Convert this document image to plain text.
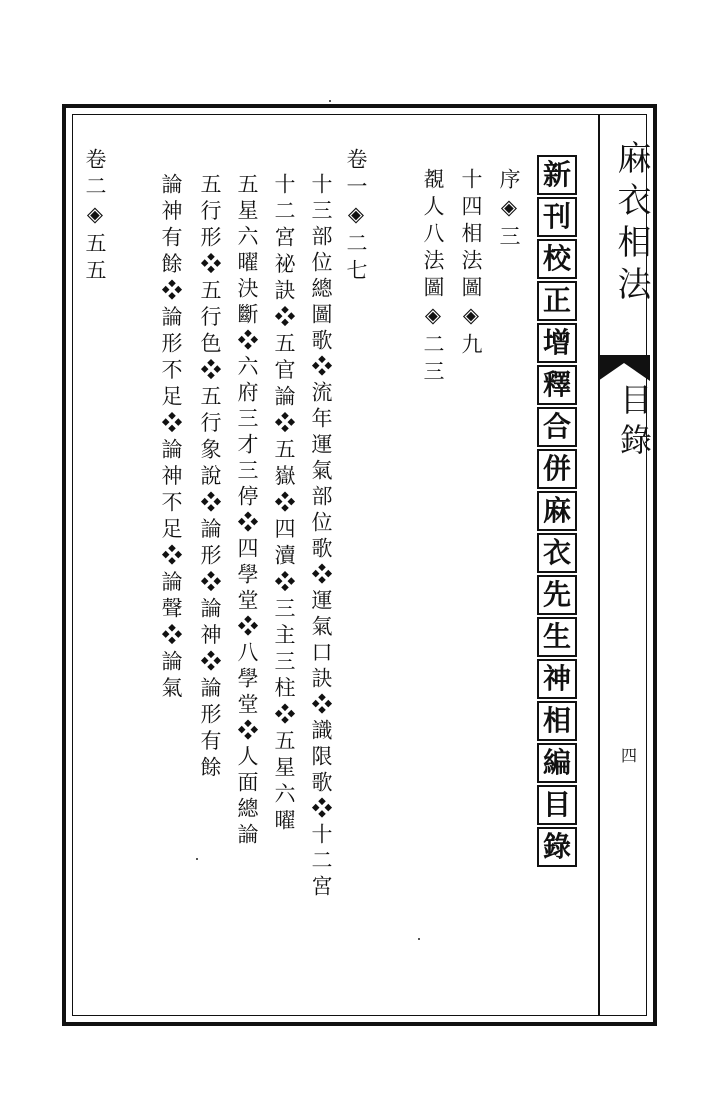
麻衣相法
目錄
四
新
刊
校
正
增
釋
合
併
麻
衣
先
生
神
相
編
目
錄
序◈三
十四相法圖◈九
覩人八法圖◈二三
卷一◈二七
十三部位總圖歌❖流年運氣部位歌❖運氣口訣❖識限歌❖十二宮
十二宮祕訣❖五官論❖五嶽❖四瀆❖三主三柱❖五星六曜
五星六曜決斷❖六府三才三停❖四學堂❖八學堂❖人面總論
五行形❖五行色❖五行象說❖論形❖論神❖論形有餘
論神有餘❖論形不足❖論神不足❖論聲❖論氣
卷二◈五五
